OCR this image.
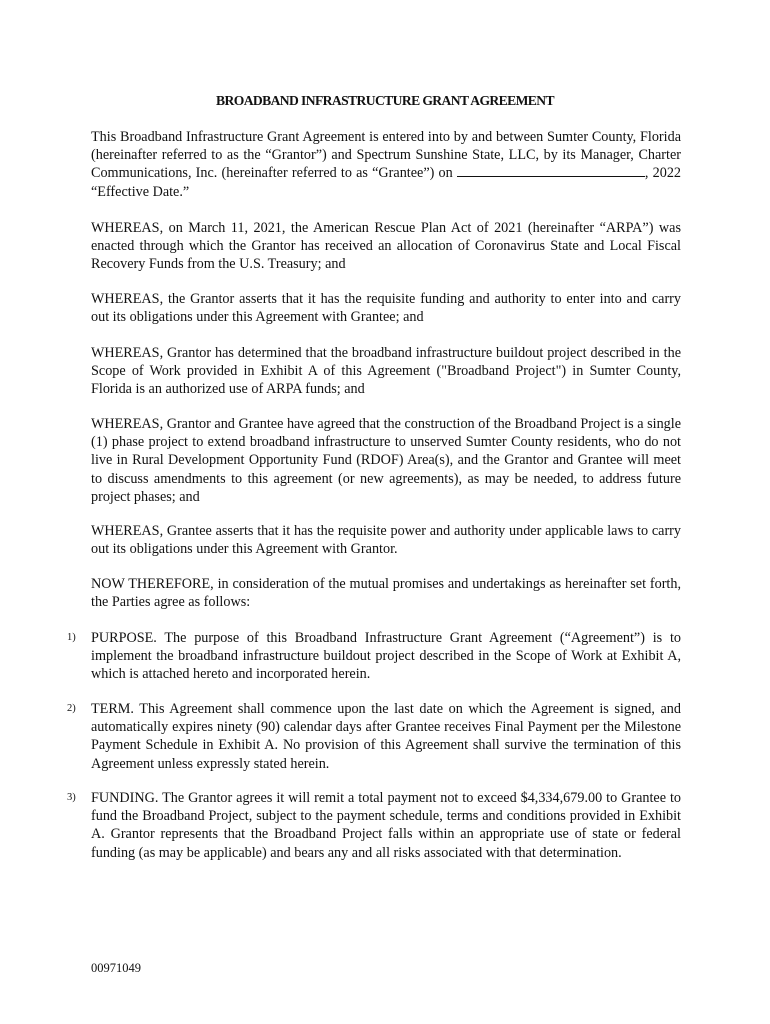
BROADBAND INFRASTRUCTURE GRANT AGREEMENT
This Broadband Infrastructure Grant Agreement is entered into by and between Sumter County, Florida (hereinafter referred to as the “Grantor”) and Spectrum Sunshine State, LLC, by its Manager, Charter Communications, Inc. (hereinafter referred to as “Grantee”) on	, 2022 “Effective Date.”
WHEREAS, on March 11, 2021, the American Rescue Plan Act of 2021 (hereinafter “ARPA”) was enacted through which the Grantor has received an allocation of Coronavirus State and Local Fiscal Recovery Funds from the U.S. Treasury; and
WHEREAS, the Grantor asserts that it has the requisite funding and authority to enter into and carry out its obligations under this Agreement with Grantee; and
WHEREAS, Grantor has determined that the broadband infrastructure buildout project described in the Scope of Work provided in Exhibit A of this Agreement ("Broadband Project") in Sumter County, Florida is an authorized use of ARPA funds; and
WHEREAS, Grantor and Grantee have agreed that the construction of the Broadband Project is a single (1) phase project to extend broadband infrastructure to unserved Sumter County residents, who do not live in Rural Development Opportunity Fund (RDOF) Area(s), and the Grantor and Grantee will meet to discuss amendments to this agreement (or new agreements), as may be needed, to address future project phases; and
WHEREAS, Grantee asserts that it has the requisite power and authority under applicable laws to carry out its obligations under this Agreement with Grantor.
NOW THEREFORE, in consideration of the mutual promises and undertakings as hereinafter set forth, the Parties agree as follows:
1) PURPOSE. The purpose of this Broadband Infrastructure Grant Agreement (“Agreement”) is to implement the broadband infrastructure buildout project described in the Scope of Work at Exhibit A, which is attached hereto and incorporated herein.
2) TERM. This Agreement shall commence upon the last date on which the Agreement is signed, and automatically expires ninety (90) calendar days after Grantee receives Final Payment per the Milestone Payment Schedule in Exhibit A. No provision of this Agreement shall survive the termination of this Agreement unless expressly stated herein.
3) FUNDING. The Grantor agrees it will remit a total payment not to exceed $4,334,679.00 to Grantee to fund the Broadband Project, subject to the payment schedule, terms and conditions provided in Exhibit A. Grantor represents that the Broadband Project falls within an appropriate use of state or federal funding (as may be applicable) and bears any and all risks associated with that determination.
00971049
